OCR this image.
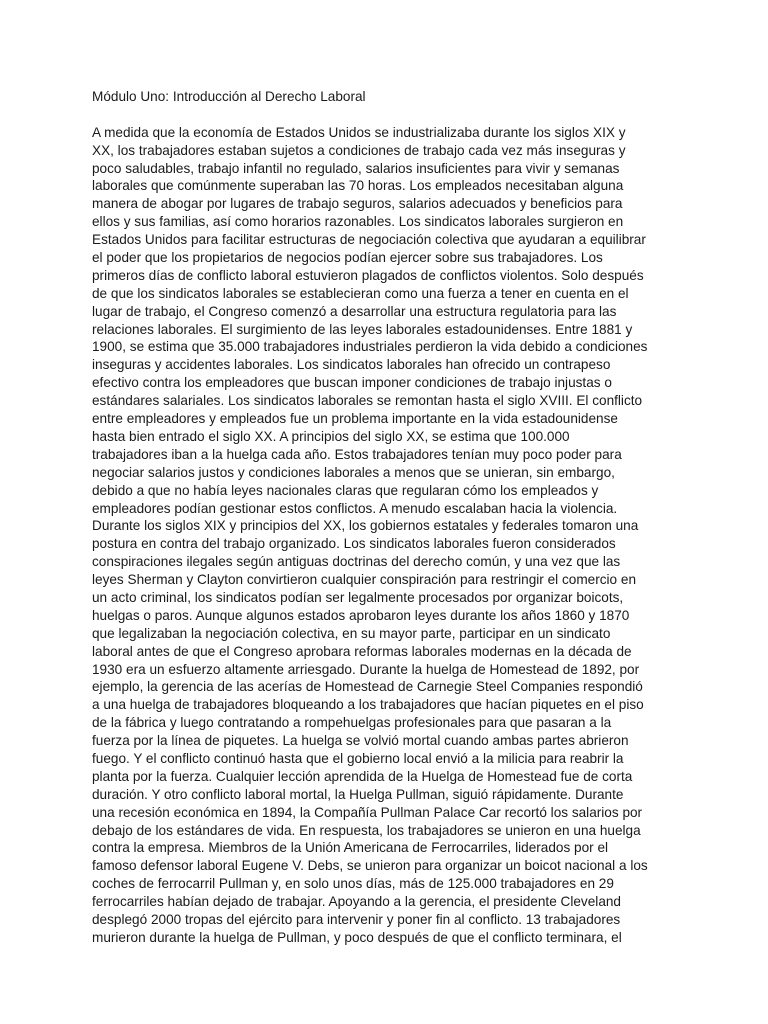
Módulo Uno: Introducción al Derecho Laboral
A medida que la economía de Estados Unidos se industrializaba durante los siglos XIX y
XX, los trabajadores estaban sujetos a condiciones de trabajo cada vez más inseguras y
poco saludables, trabajo infantil no regulado, salarios insuficientes para vivir y semanas
laborales que comúnmente superaban las 70 horas. Los empleados necesitaban alguna
manera de abogar por lugares de trabajo seguros, salarios adecuados y beneficios para
ellos y sus familias, así como horarios razonables. Los sindicatos laborales surgieron en
Estados Unidos para facilitar estructuras de negociación colectiva que ayudaran a equilibrar
el poder que los propietarios de negocios podían ejercer sobre sus trabajadores. Los
primeros días de conflicto laboral estuvieron plagados de conflictos violentos. Solo después
de que los sindicatos laborales se establecieran como una fuerza a tener en cuenta en el
lugar de trabajo, el Congreso comenzó a desarrollar una estructura regulatoria para las
relaciones laborales. El surgimiento de las leyes laborales estadounidenses. Entre 1881 y
1900, se estima que 35.000 trabajadores industriales perdieron la vida debido a condiciones
inseguras y accidentes laborales. Los sindicatos laborales han ofrecido un contrapeso
efectivo contra los empleadores que buscan imponer condiciones de trabajo injustas o
estándares salariales. Los sindicatos laborales se remontan hasta el siglo XVIII. El conflicto
entre empleadores y empleados fue un problema importante en la vida estadounidense
hasta bien entrado el siglo XX. A principios del siglo XX, se estima que 100.000
trabajadores iban a la huelga cada año. Estos trabajadores tenían muy poco poder para
negociar salarios justos y condiciones laborales a menos que se unieran, sin embargo,
debido a que no había leyes nacionales claras que regularan cómo los empleados y
empleadores podían gestionar estos conflictos. A menudo escalaban hacia la violencia.
Durante los siglos XIX y principios del XX, los gobiernos estatales y federales tomaron una
postura en contra del trabajo organizado. Los sindicatos laborales fueron considerados
conspiraciones ilegales según antiguas doctrinas del derecho común, y una vez que las
leyes Sherman y Clayton convirtieron cualquier conspiración para restringir el comercio en
un acto criminal, los sindicatos podían ser legalmente procesados por organizar boicots,
huelgas o paros. Aunque algunos estados aprobaron leyes durante los años 1860 y 1870
que legalizaban la negociación colectiva, en su mayor parte, participar en un sindicato
laboral antes de que el Congreso aprobara reformas laborales modernas en la década de
1930 era un esfuerzo altamente arriesgado. Durante la huelga de Homestead de 1892, por
ejemplo, la gerencia de las acerías de Homestead de Carnegie Steel Companies respondió
a una huelga de trabajadores bloqueando a los trabajadores que hacían piquetes en el piso
de la fábrica y luego contratando a rompehuelgas profesionales para que pasaran a la
fuerza por la línea de piquetes. La huelga se volvió mortal cuando ambas partes abrieron
fuego. Y el conflicto continuó hasta que el gobierno local envió a la milicia para reabrir la
planta por la fuerza. Cualquier lección aprendida de la Huelga de Homestead fue de corta
duración. Y otro conflicto laboral mortal, la Huelga Pullman, siguió rápidamente. Durante
una recesión económica en 1894, la Compañía Pullman Palace Car recortó los salarios por
debajo de los estándares de vida. En respuesta, los trabajadores se unieron en una huelga
contra la empresa. Miembros de la Unión Americana de Ferrocarriles, liderados por el
famoso defensor laboral Eugene V. Debs, se unieron para organizar un boicot nacional a los
coches de ferrocarril Pullman y, en solo unos días, más de 125.000 trabajadores en 29
ferrocarriles habían dejado de trabajar. Apoyando a la gerencia, el presidente Cleveland
desplegó 2000 tropas del ejército para intervenir y poner fin al conflicto. 13 trabajadores
murieron durante la huelga de Pullman, y poco después de que el conflicto terminara, el
